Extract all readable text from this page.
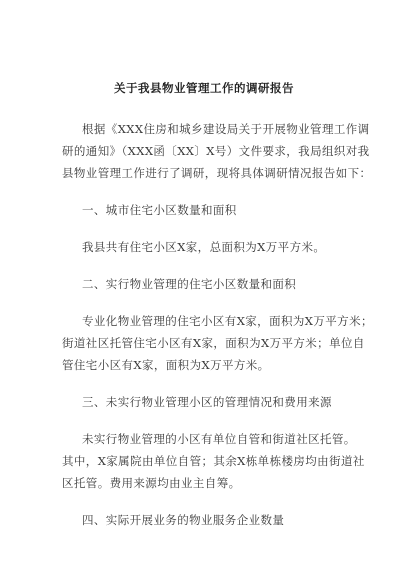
关于我县物业管理工作的调研报告
根据《XXX住房和城乡建设局关于开展物业管理工作调
研的通知》（XXX函〔XX〕X号）文件要求，我局组织对我
县物业管理工作进行了调研，现将具体调研情况报告如下：
一、城市住宅小区数量和面积
我县共有住宅小区X家，总面积为X万平方米。
二、实行物业管理的住宅小区数量和面积
专业化物业管理的住宅小区有X家，面积为X万平方米；
街道社区托管住宅小区有X家，面积为X万平方米；单位自
管住宅小区有X家，面积为X万平方米。
三、未实行物业管理小区的管理情况和费用来源
未实行物业管理的小区有单位自管和街道社区托管。
其中，X家属院由单位自管；其余X栋单栋楼房均由街道社
区托管。费用来源均由业主自筹。
四、实际开展业务的物业服务企业数量
